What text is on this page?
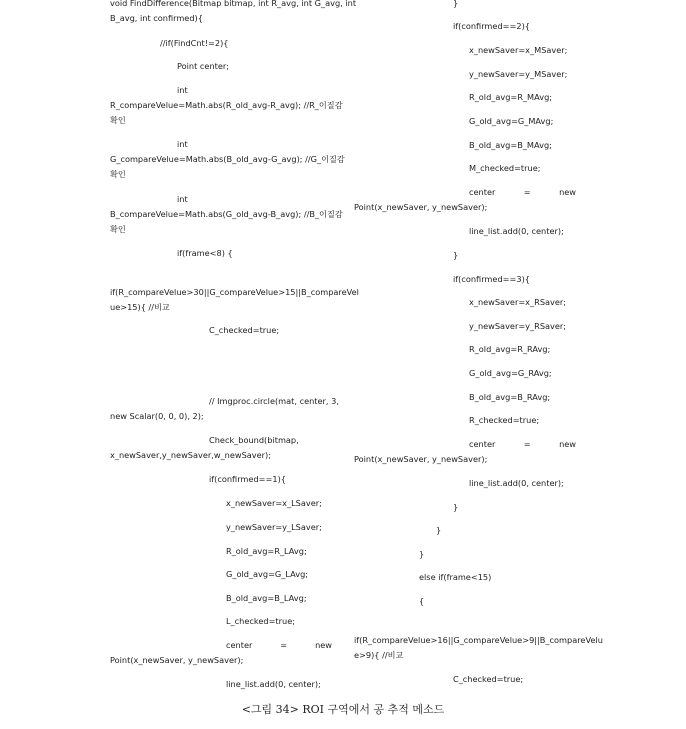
void FindDifference(Bitmap bitmap, int R_avg, int G_avg, int
B_avg, int confirmed){
//if(FindCnt!=2){
Point center;
int
R_compareVelue=Math.abs(R_old_avg-R_avg); //R_이질감
확인
int
G_compareVelue=Math.abs(B_old_avg-G_avg); //G_이질감
확인
int
B_compareVelue=Math.abs(G_old_avg-B_avg); //B_이질감
확인
if(frame<8) {
if(R_compareVelue>30||G_compareVelue>15||B_compareVel
ue>15){ //비교
C_checked=true;
// Imgproc.circle(mat, center, 3,
new Scalar(0, 0, 0), 2);
Check_bound(bitmap,
x_newSaver,y_newSaver,w_newSaver);
if(confirmed==1){
x_newSaver=x_LSaver;
y_newSaver=y_LSaver;
R_old_avg=R_LAvg;
G_old_avg=G_LAvg;
B_old_avg=B_LAvg;
L_checked=true;
center	=	new
Point(x_newSaver, y_newSaver);
line_list.add(0, center);
}
if(confirmed==2){
x_newSaver=x_MSaver;
y_newSaver=y_MSaver;
R_old_avg=R_MAvg;
G_old_avg=G_MAvg;
B_old_avg=B_MAvg;
M_checked=true;
center	=	new
Point(x_newSaver, y_newSaver);
line_list.add(0, center);
}
if(confirmed==3){
x_newSaver=x_RSaver;
y_newSaver=y_RSaver;
R_old_avg=R_RAvg;
G_old_avg=G_RAvg;
B_old_avg=B_RAvg;
R_checked=true;
center	=	new
Point(x_newSaver, y_newSaver);
line_list.add(0, center);
}
}
}
else if(frame<15)
{
if(R_compareVelue>16||G_compareVelue>9||B_compareVelu
e>9){ //비교
C_checked=true;
<그림 34> ROI 구역에서 공 추적 메소드
